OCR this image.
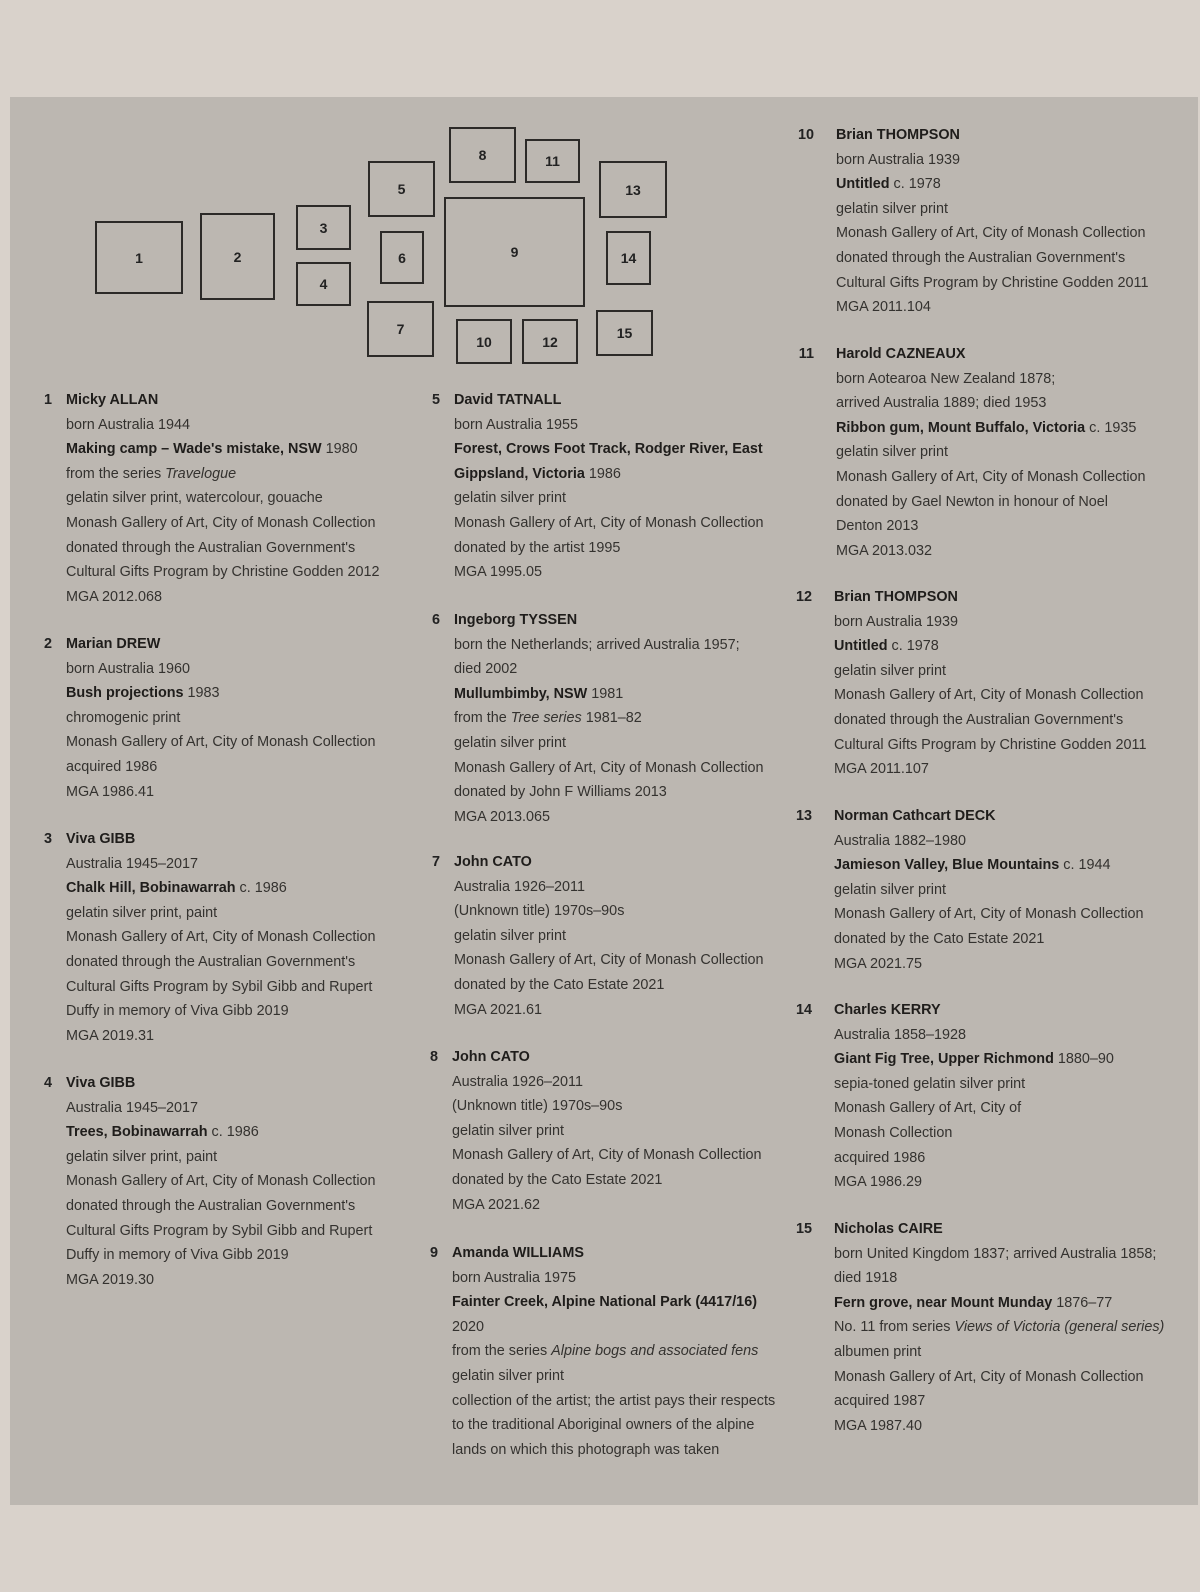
1	2
3
4
5
6
7
8
9
10
11
12
13
14
15
1 Micky ALLAN
born Australia 1944
Making camp – Wade's mistake, NSW 1980
from the series Travelogue
gelatin silver print, watercolour, gouache
Monash Gallery of Art, City of Monash Collection
donated through the Australian Government's
Cultural Gifts Program by Christine Godden 2012
MGA 2012.068
2 Marian DREW
born Australia 1960
Bush projections 1983
chromogenic print
Monash Gallery of Art, City of Monash Collection
acquired 1986
MGA 1986.41
3 Viva GIBB
Australia 1945–2017
Chalk Hill, Bobinawarrah c. 1986
gelatin silver print, paint
Monash Gallery of Art, City of Monash Collection
donated through the Australian Government's
Cultural Gifts Program by Sybil Gibb and Rupert
Duffy in memory of Viva Gibb 2019
MGA 2019.31
4 Viva GIBB
Australia 1945–2017
Trees, Bobinawarrah c. 1986
gelatin silver print, paint
Monash Gallery of Art, City of Monash Collection
donated through the Australian Government's
Cultural Gifts Program by Sybil Gibb and Rupert
Duffy in memory of Viva Gibb 2019
MGA 2019.30
5 David TATNALL
born Australia 1955
Forest, Crows Foot Track, Rodger River, East
Gippsland, Victoria 1986
gelatin silver print
Monash Gallery of Art, City of Monash Collection
donated by the artist 1995
MGA 1995.05
6 Ingeborg TYSSEN
born the Netherlands; arrived Australia 1957;
died 2002
Mullumbimby, NSW 1981
from the Tree series 1981–82
gelatin silver print
Monash Gallery of Art, City of Monash Collection
donated by John F Williams 2013
MGA 2013.065
7 John CATO
Australia 1926–2011
(Unknown title) 1970s–90s
gelatin silver print
Monash Gallery of Art, City of Monash Collection
donated by the Cato Estate 2021
MGA 2021.61
8 John CATO
Australia 1926–2011
(Unknown title) 1970s–90s
gelatin silver print
Monash Gallery of Art, City of Monash Collection
donated by the Cato Estate 2021
MGA 2021.62
9 Amanda WILLIAMS
born Australia 1975
Fainter Creek, Alpine National Park (4417/16)
2020
from the series Alpine bogs and associated fens
gelatin silver print
collection of the artist; the artist pays their respects
to the traditional Aboriginal owners of the alpine
lands on which this photograph was taken
10 Brian THOMPSON
born Australia 1939
Untitled c. 1978
gelatin silver print
Monash Gallery of Art, City of Monash Collection
donated through the Australian Government's
Cultural Gifts Program by Christine Godden 2011
MGA 2011.104
11 Harold CAZNEAUX
born Aotearoa New Zealand 1878;
arrived Australia 1889; died 1953
Ribbon gum, Mount Buffalo, Victoria c. 1935
gelatin silver print
Monash Gallery of Art, City of Monash Collection
donated by Gael Newton in honour of Noel
Denton 2013
MGA 2013.032
12 Brian THOMPSON
born Australia 1939
Untitled c. 1978
gelatin silver print
Monash Gallery of Art, City of Monash Collection
donated through the Australian Government's
Cultural Gifts Program by Christine Godden 2011
MGA 2011.107
13 Norman Cathcart DECK
Australia 1882–1980
Jamieson Valley, Blue Mountains c. 1944
gelatin silver print
Monash Gallery of Art, City of Monash Collection
donated by the Cato Estate 2021
MGA 2021.75
14 Charles KERRY
Australia 1858–1928
Giant Fig Tree, Upper Richmond 1880–90
sepia-toned gelatin silver print
Monash Gallery of Art, City of
Monash Collection
acquired 1986
MGA 1986.29
15 Nicholas CAIRE
born United Kingdom 1837; arrived Australia 1858;
died 1918
Fern grove, near Mount Munday 1876–77
No. 11 from series Views of Victoria (general series)
albumen print
Monash Gallery of Art, City of Monash Collection
acquired 1987
MGA 1987.40
